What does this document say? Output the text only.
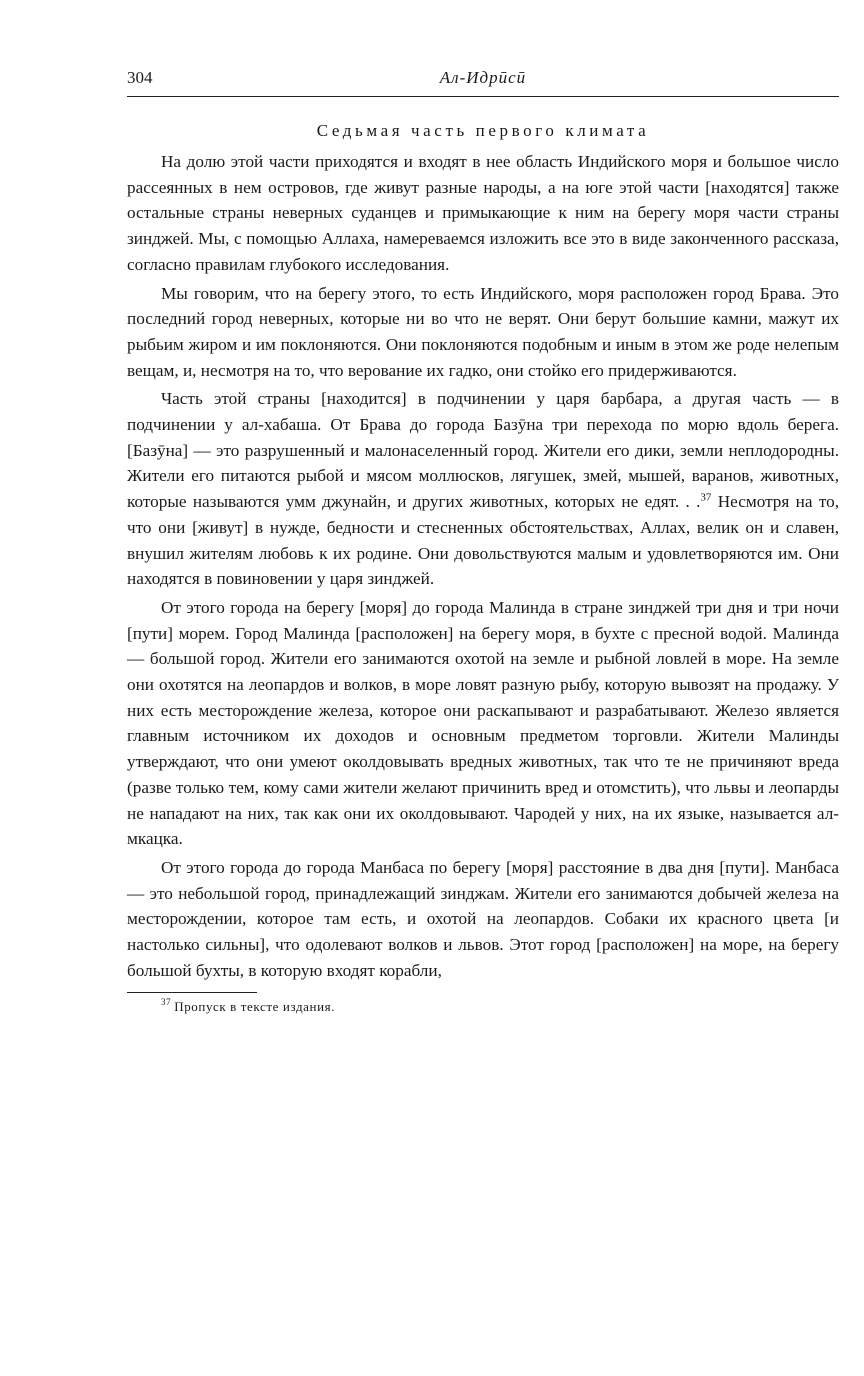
304	Ал-Идрӣсӣ
Седьмая часть первого климата

На долю этой части приходятся и входят в нее область Индийского моря и большое число рассеянных в нем островов, где живут разные народы, а на юге этой части [находятся] также остальные страны неверных суданцев и примыкающие к ним на берегу моря части страны зинджей. Мы, с помощью Аллаха, намереваемся изложить все это в виде законченного рассказа, согласно правилам глубокого исследования.

Мы говорим, что на берегу этого, то есть Индийского, моря расположен город Брава. Это последний город неверных, которые ни во что не верят. Они берут большие камни, мажут их рыбьим жиром и им поклоняются. Они поклоняются подобным и иным в этом же роде нелепым вещам, и, несмотря на то, что верование их гадко, они стойко его придерживаются.

Часть этой страны [находится] в подчинении у царя барбара, а другая часть — в подчинении у ал-хабаша. От Брава до города Базӯна три перехода по морю вдоль берега. [Базӯна] — это разрушенный и малонаселенный город. Жители его дики, земли неплодородны. Жители его питаются рыбой и мясом моллюсков, лягушек, змей, мышей, варанов, животных, которые называются умм джунайн, и других животных, которых не едят. . .$^{37}$ Несмотря на то, что они [живут] в нужде, бедности и стесненных обстоятельствах, Аллах, велик он и славен, внушил жителям любовь к их родине. Они довольствуются малым и удовлетворяются им. Они находятся в повиновении у царя зинджей.

От этого города на берегу [моря] до города Малинда в стране зинджей три дня и три ночи [пути] морем. Город Малинда [расположен] на берегу моря, в бухте с пресной водой. Малинда — большой город. Жители его занимаются охотой на земле и рыбной ловлей в море. На земле они охотятся на леопардов и волков, в море ловят разную рыбу, которую вывозят на продажу. У них есть месторождение железа, которое они раскапывают и разрабатывают. Железо является главным источником их доходов и основным предметом торговли. Жители Малинды утверждают, что они умеют околдовывать вредных животных, так что те не причиняют вреда (разве только тем, кому сами жители желают причинить вред и отомстить), что львы и леопарды не нападают на них, так как они их околдовывают. Чародей у них, на их языке, называется ал-мкацка.

От этого города до города Манбаса по берегу [моря] расстояние в два дня [пути]. Манбаса — это небольшой город, принадлежащий зинджам. Жители его занимаются добычей железа на месторождении, которое там есть, и охотой на леопардов. Собаки их красного цвета [и настолько сильны], что одолевают волков и львов. Этот город [расположен] на море, на берегу большой бухты, в которую входят корабли,

$^{37}$ Пропуск в тексте издания.
